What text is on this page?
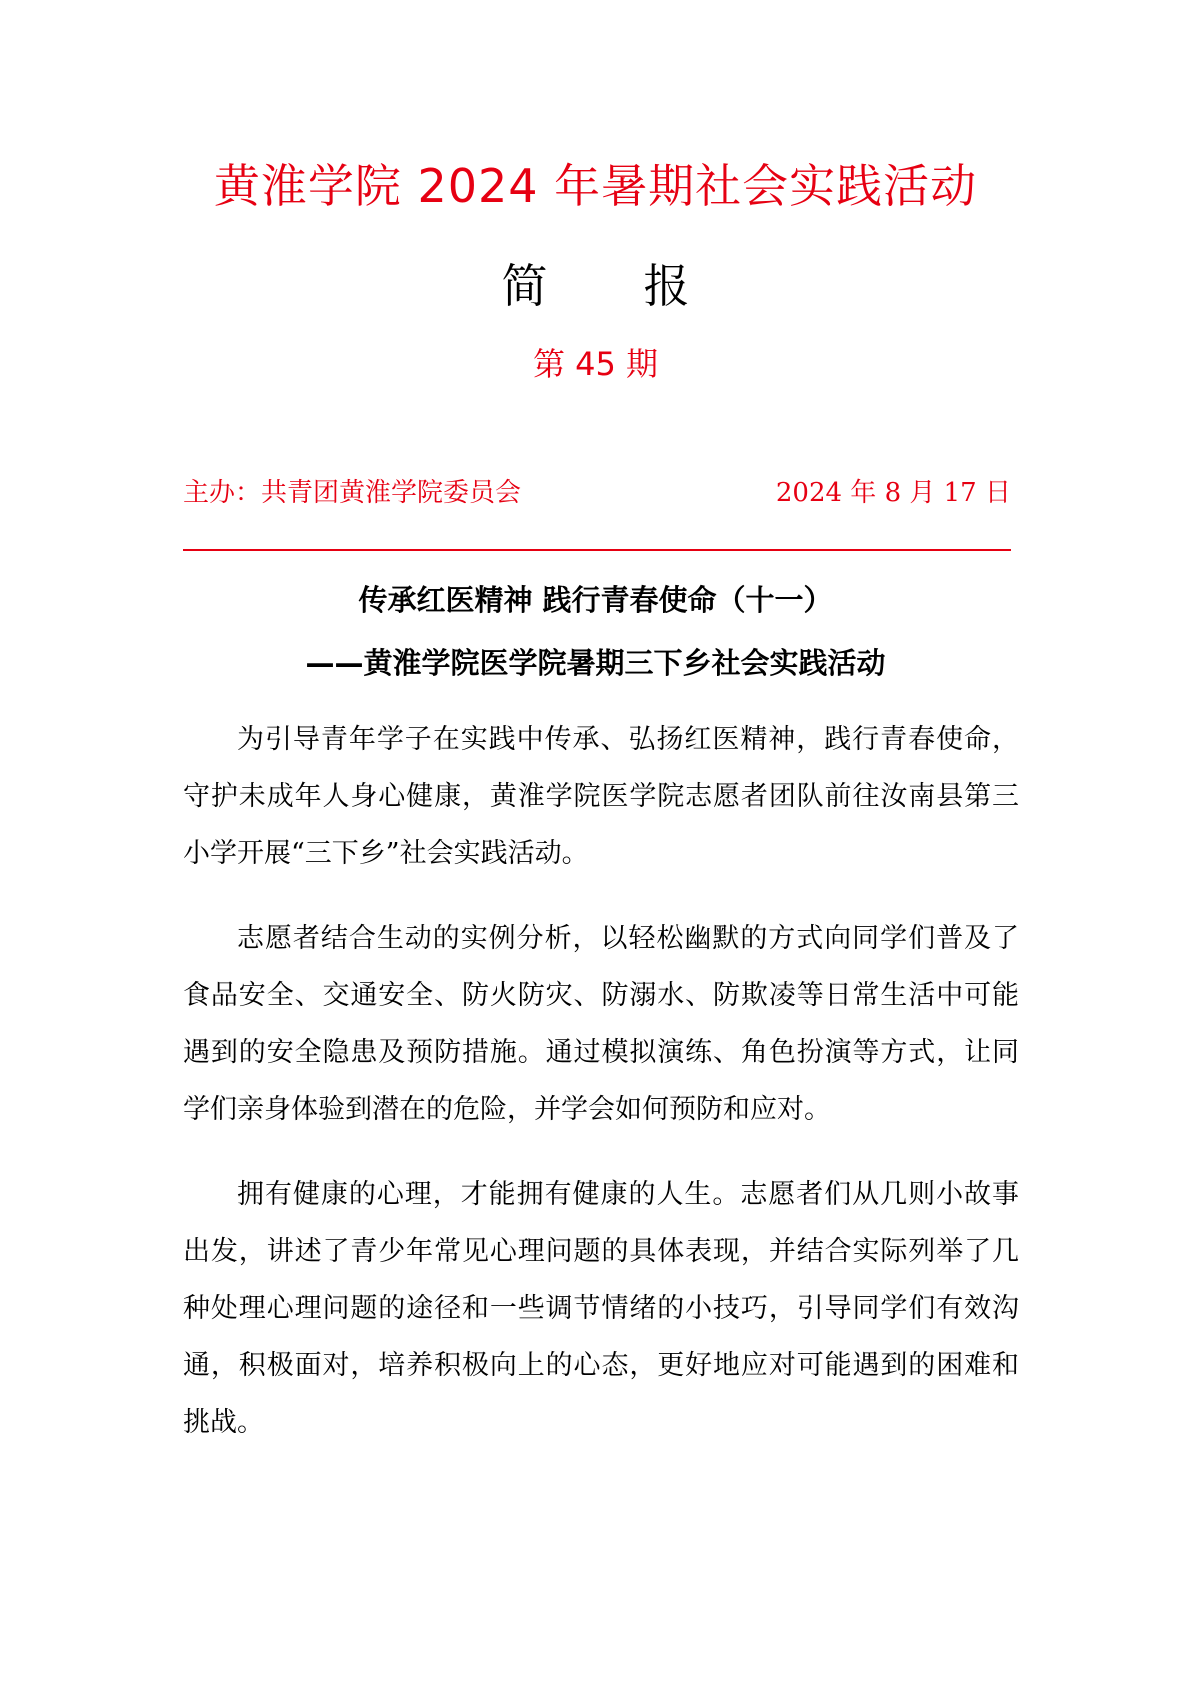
黄淮学院 2024 年暑期社会实践活动
简 报
第 45 期
主办：共青团黄淮学院委员会	2024 年 8 月 17 日
传承红医精神 践行青春使命（十一）
——黄淮学院医学院暑期三下乡社会实践活动

为引导青年学子在实践中传承、弘扬红医精神，践行青春使命，守护未成年人身心健康，黄淮学院医学院志愿者团队前往汝南县第三小学开展“三下乡”社会实践活动。

志愿者结合生动的实例分析，以轻松幽默的方式向同学们普及了食品安全、交通安全、防火防灾、防溺水、防欺凌等日常生活中可能遇到的安全隐患及预防措施。通过模拟演练、角色扮演等方式，让同学们亲身体验到潜在的危险，并学会如何预防和应对。

拥有健康的心理，才能拥有健康的人生。志愿者们从几则小故事出发，讲述了青少年常见心理问题的具体表现，并结合实际列举了几种处理心理问题的途径和一些调节情绪的小技巧，引导同学们有效沟通，积极面对，培养积极向上的心态，更好地应对可能遇到的困难和挑战。
